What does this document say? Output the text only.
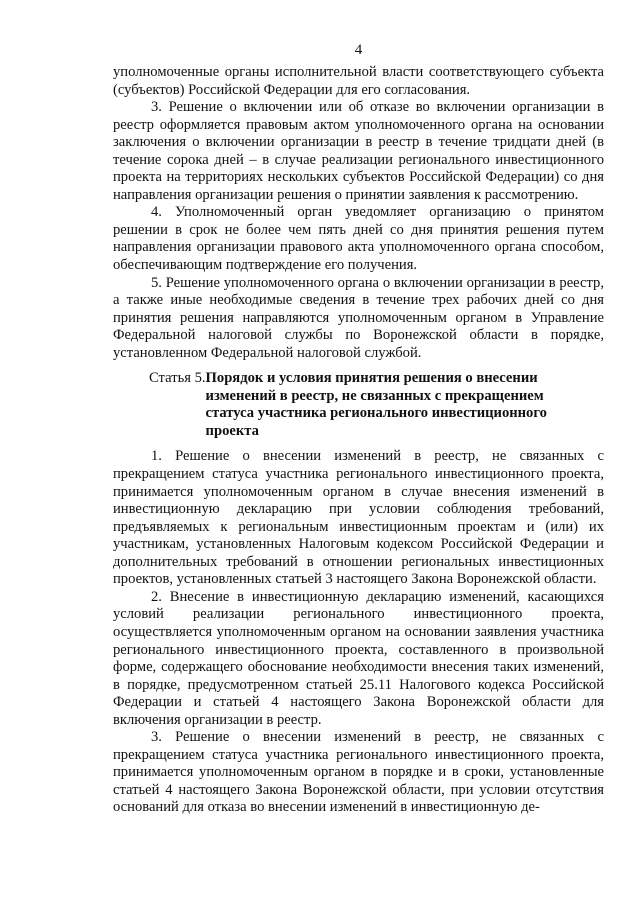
4

уполномоченные органы исполнительной власти соответствующего субъекта (субъектов) Российской Федерации для его согласования.

3. Решение о включении или об отказе во включении организации в реестр оформляется правовым актом уполномоченного органа на основании заключения о включении организации в реестр в течение тридцати дней (в течение сорока дней – в случае реализации регионального инвестиционного проекта на территориях нескольких субъектов Российской Федерации) со дня направления организации решения о принятии заявления к рассмотрению.

4. Уполномоченный орган уведомляет организацию о принятом решении в срок не более чем пять дней со дня принятия решения путем направления организации правового акта уполномоченного органа способом, обеспечивающим подтверждение его получения.

5. Решение уполномоченного органа о включении организации в реестр, а также иные необходимые сведения в течение трех рабочих дней со дня принятия решения направляются уполномоченным органом в Управление Федеральной налоговой службы по Воронежской области в порядке, установленном Федеральной налоговой службой.

Статья 5. Порядок и условия принятия решения о внесении изменений в реестр, не связанных с прекращением статуса участника регионального инвестиционного проекта

1. Решение о внесении изменений в реестр, не связанных с прекращением статуса участника регионального инвестиционного проекта, принимается уполномоченным органом в случае внесения изменений в инвестиционную декларацию при условии соблюдения требований, предъявляемых к региональным инвестиционным проектам и (или) их участникам, установленных Налоговым кодексом Российской Федерации и дополнительных требований в отношении региональных инвестиционных проектов, установленных статьей 3 настоящего Закона Воронежской области.

2. Внесение в инвестиционную декларацию изменений, касающихся условий реализации регионального инвестиционного проекта, осуществляется уполномоченным органом на основании заявления участника регионального инвестиционного проекта, составленного в произвольной форме, содержащего обоснование необходимости внесения таких изменений, в порядке, предусмотренном статьей 25.11 Налогового кодекса Российской Федерации и статьей 4 настоящего Закона Воронежской области для включения организации в реестр.

3. Решение о внесении изменений в реестр, не связанных с прекращением статуса участника регионального инвестиционного проекта, принимается уполномоченным органом в порядке и в сроки, установленные статьей 4 настоящего Закона Воронежской области, при условии отсутствия оснований для отказа во внесении изменений в инвестиционную де-
